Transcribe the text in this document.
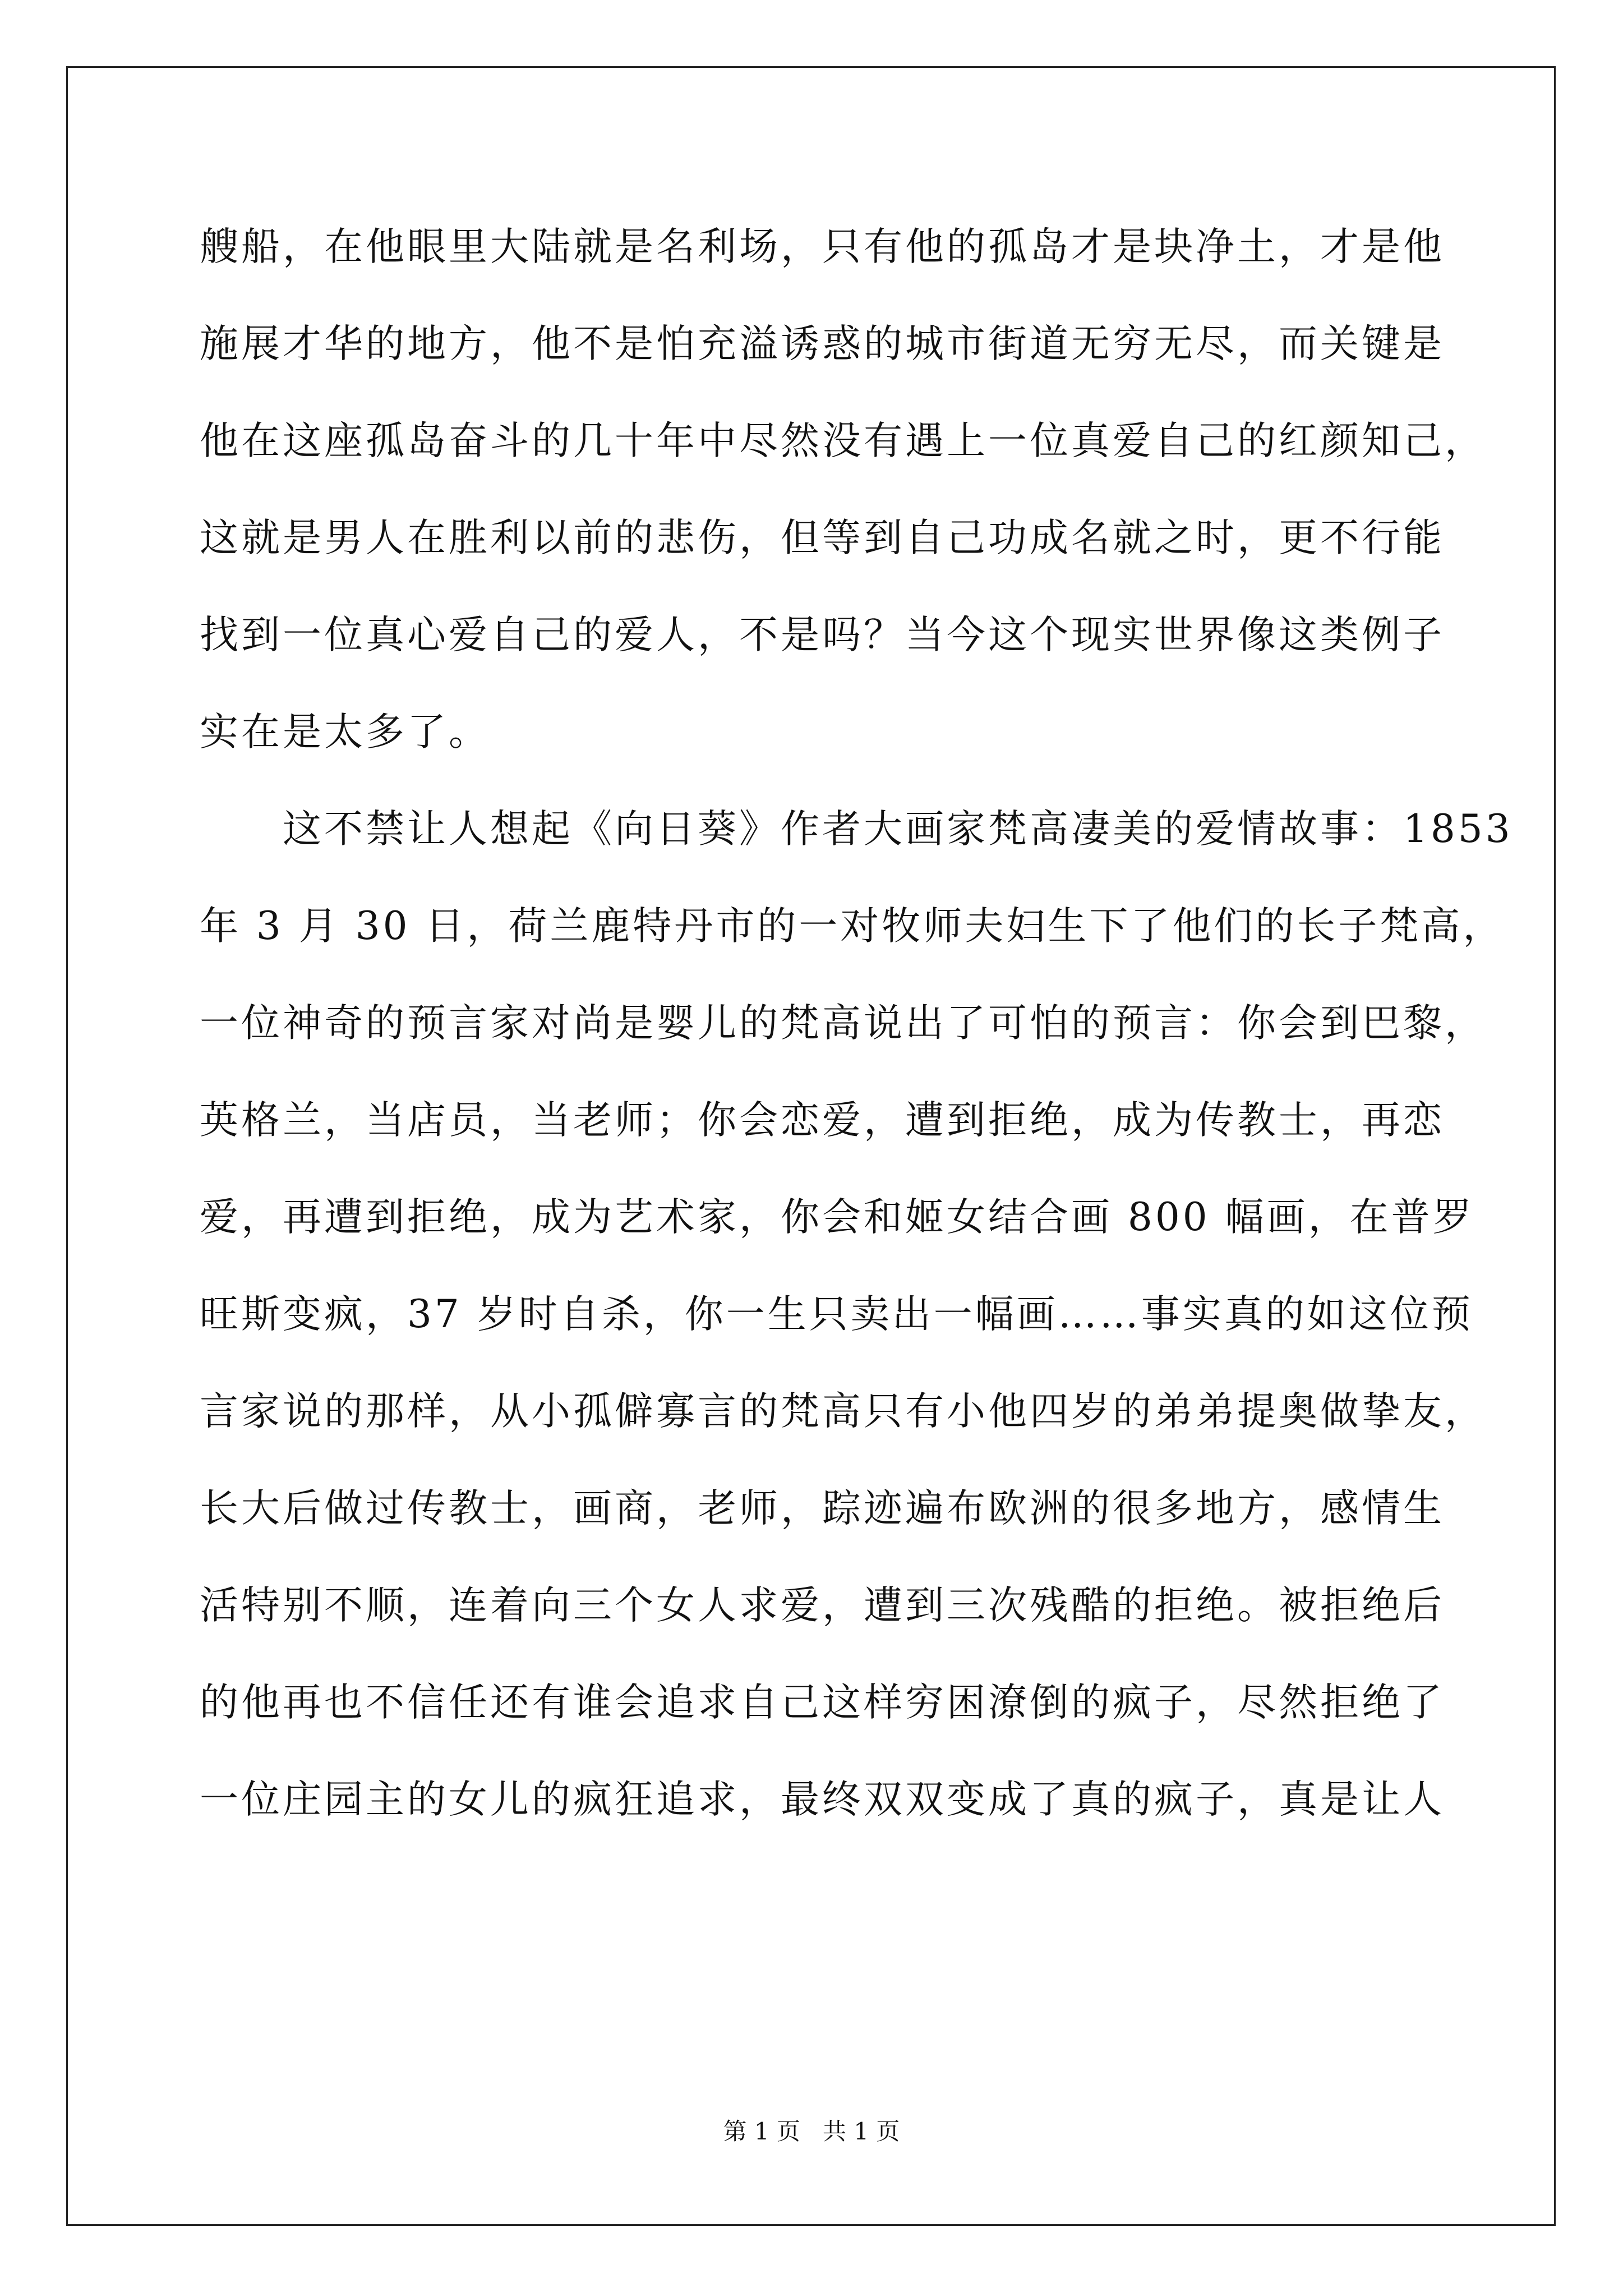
艘船，在他眼里大陆就是名利场，只有他的孤岛才是块净土，才是他
施展才华的地方，他不是怕充溢诱惑的城市街道无穷无尽，而关键是
他在这座孤岛奋斗的几十年中尽然没有遇上一位真爱自己的红颜知己，
这就是男人在胜利以前的悲伤，但等到自己功成名就之时，更不行能
找到一位真心爱自己的爱人，不是吗？当今这个现实世界像这类例子
实在是太多了。
这不禁让人想起《向日葵》作者大画家梵高凄美的爱情故事：1853
年 3 月 30 日，荷兰鹿特丹市的一对牧师夫妇生下了他们的长子梵高，
一位神奇的预言家对尚是婴儿的梵高说出了可怕的预言：你会到巴黎，
英格兰，当店员，当老师；你会恋爱，遭到拒绝，成为传教士，再恋
爱，再遭到拒绝，成为艺术家，你会和姬女结合画 800 幅画，在普罗
旺斯变疯，37 岁时自杀，你一生只卖出一幅画……事实真的如这位预
言家说的那样，从小孤僻寡言的梵高只有小他四岁的弟弟提奥做挚友，
长大后做过传教士，画商，老师，踪迹遍布欧洲的很多地方，感情生
活特别不顺，连着向三个女人求爱，遭到三次残酷的拒绝。被拒绝后
的他再也不信任还有谁会追求自己这样穷困潦倒的疯子，尽然拒绝了
一位庄园主的女儿的疯狂追求，最终双双变成了真的疯子，真是让人
第 1 页 共 1 页
